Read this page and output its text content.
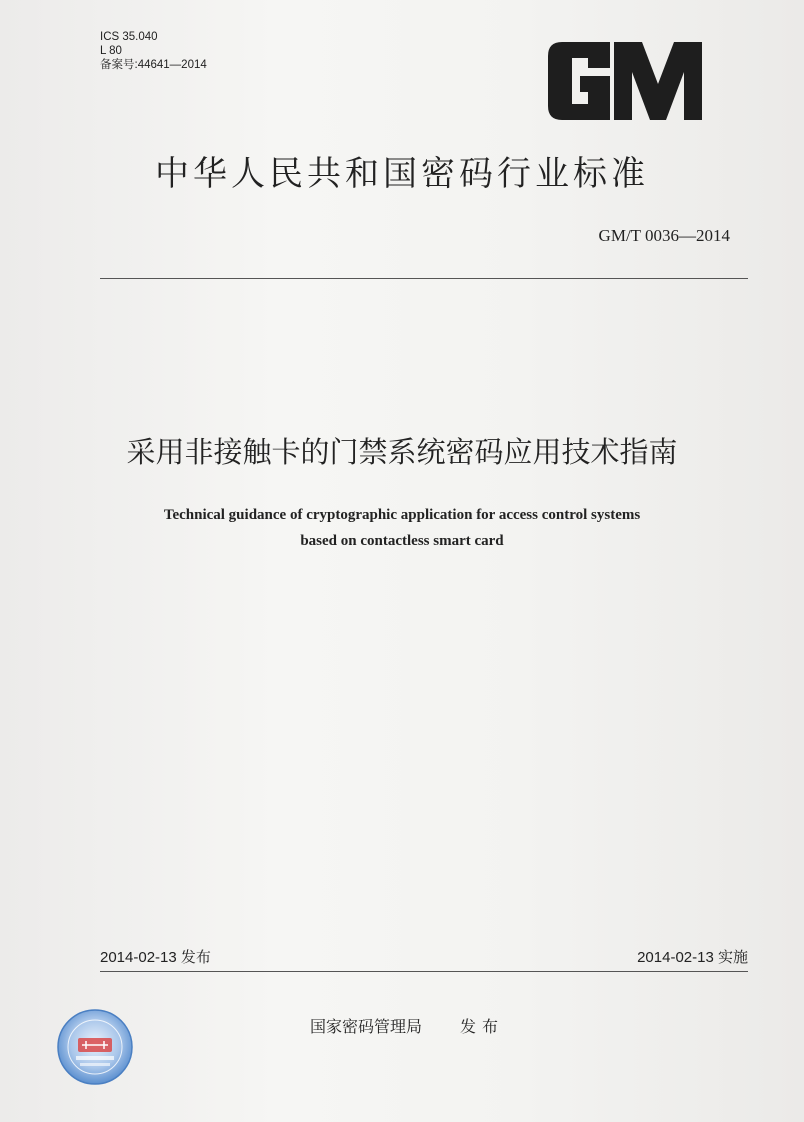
ICS 35.040
L 80
备案号:44641—2014
中华人民共和国密码行业标准
GM/T 0036—2014
采用非接触卡的门禁系统密码应用技术指南
Technical guidance of cryptographic application for access control systems
based on contactless smart card
2014-02-13 发布	2014-02-13 实施
国家密码管理局 发布
